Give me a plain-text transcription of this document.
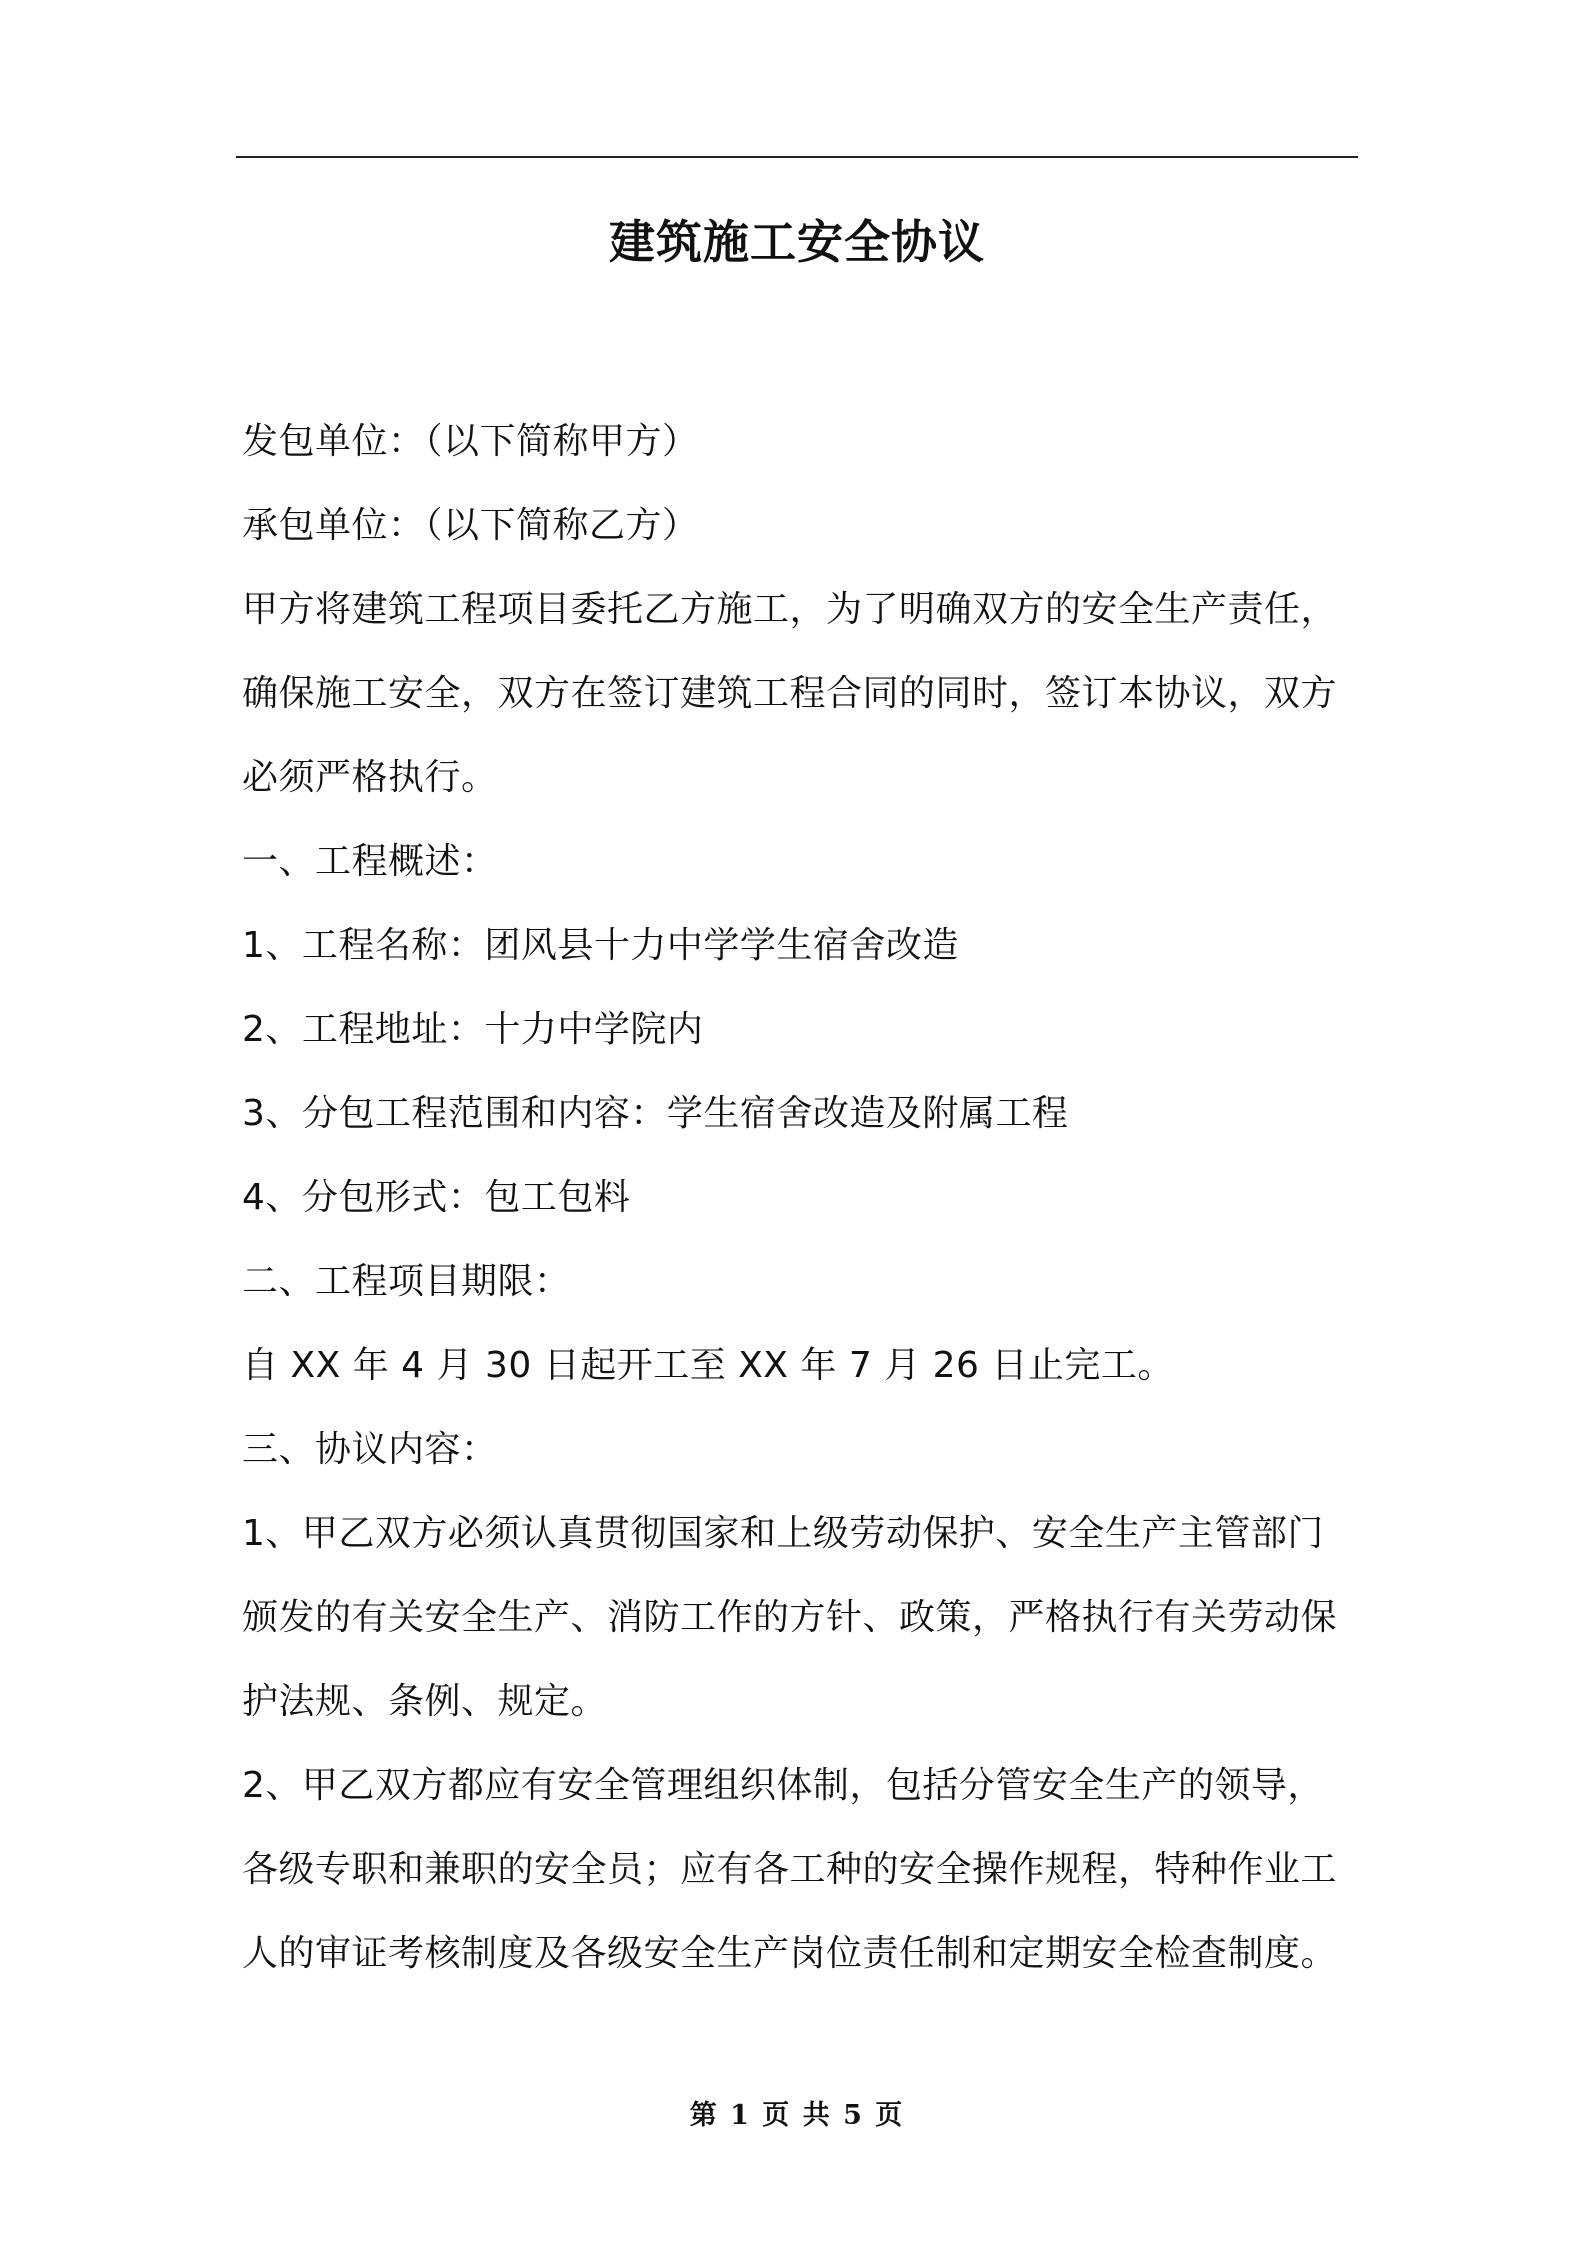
建筑施工安全协议
发包单位：（以下简称甲方）
承包单位：（以下简称乙方）
甲方将建筑工程项目委托乙方施工，为了明确双方的安全生产责任，
确保施工安全，双方在签订建筑工程合同的同时，签订本协议，双方
必须严格执行。
一、工程概述：
1、工程名称：团风县十力中学学生宿舍改造
2、工程地址：十力中学院内
3、分包工程范围和内容：学生宿舍改造及附属工程
4、分包形式：包工包料
二、工程项目期限：
自 XX 年 4 月 30 日起开工至 XX 年 7 月 26 日止完工。
三、协议内容：
1、甲乙双方必须认真贯彻国家和上级劳动保护、安全生产主管部门
颁发的有关安全生产、消防工作的方针、政策，严格执行有关劳动保
护法规、条例、规定。
2、甲乙双方都应有安全管理组织体制，包括分管安全生产的领导，
各级专职和兼职的安全员；应有各工种的安全操作规程，特种作业工
人的审证考核制度及各级安全生产岗位责任制和定期安全检查制度。
第 1 页 共 5 页
